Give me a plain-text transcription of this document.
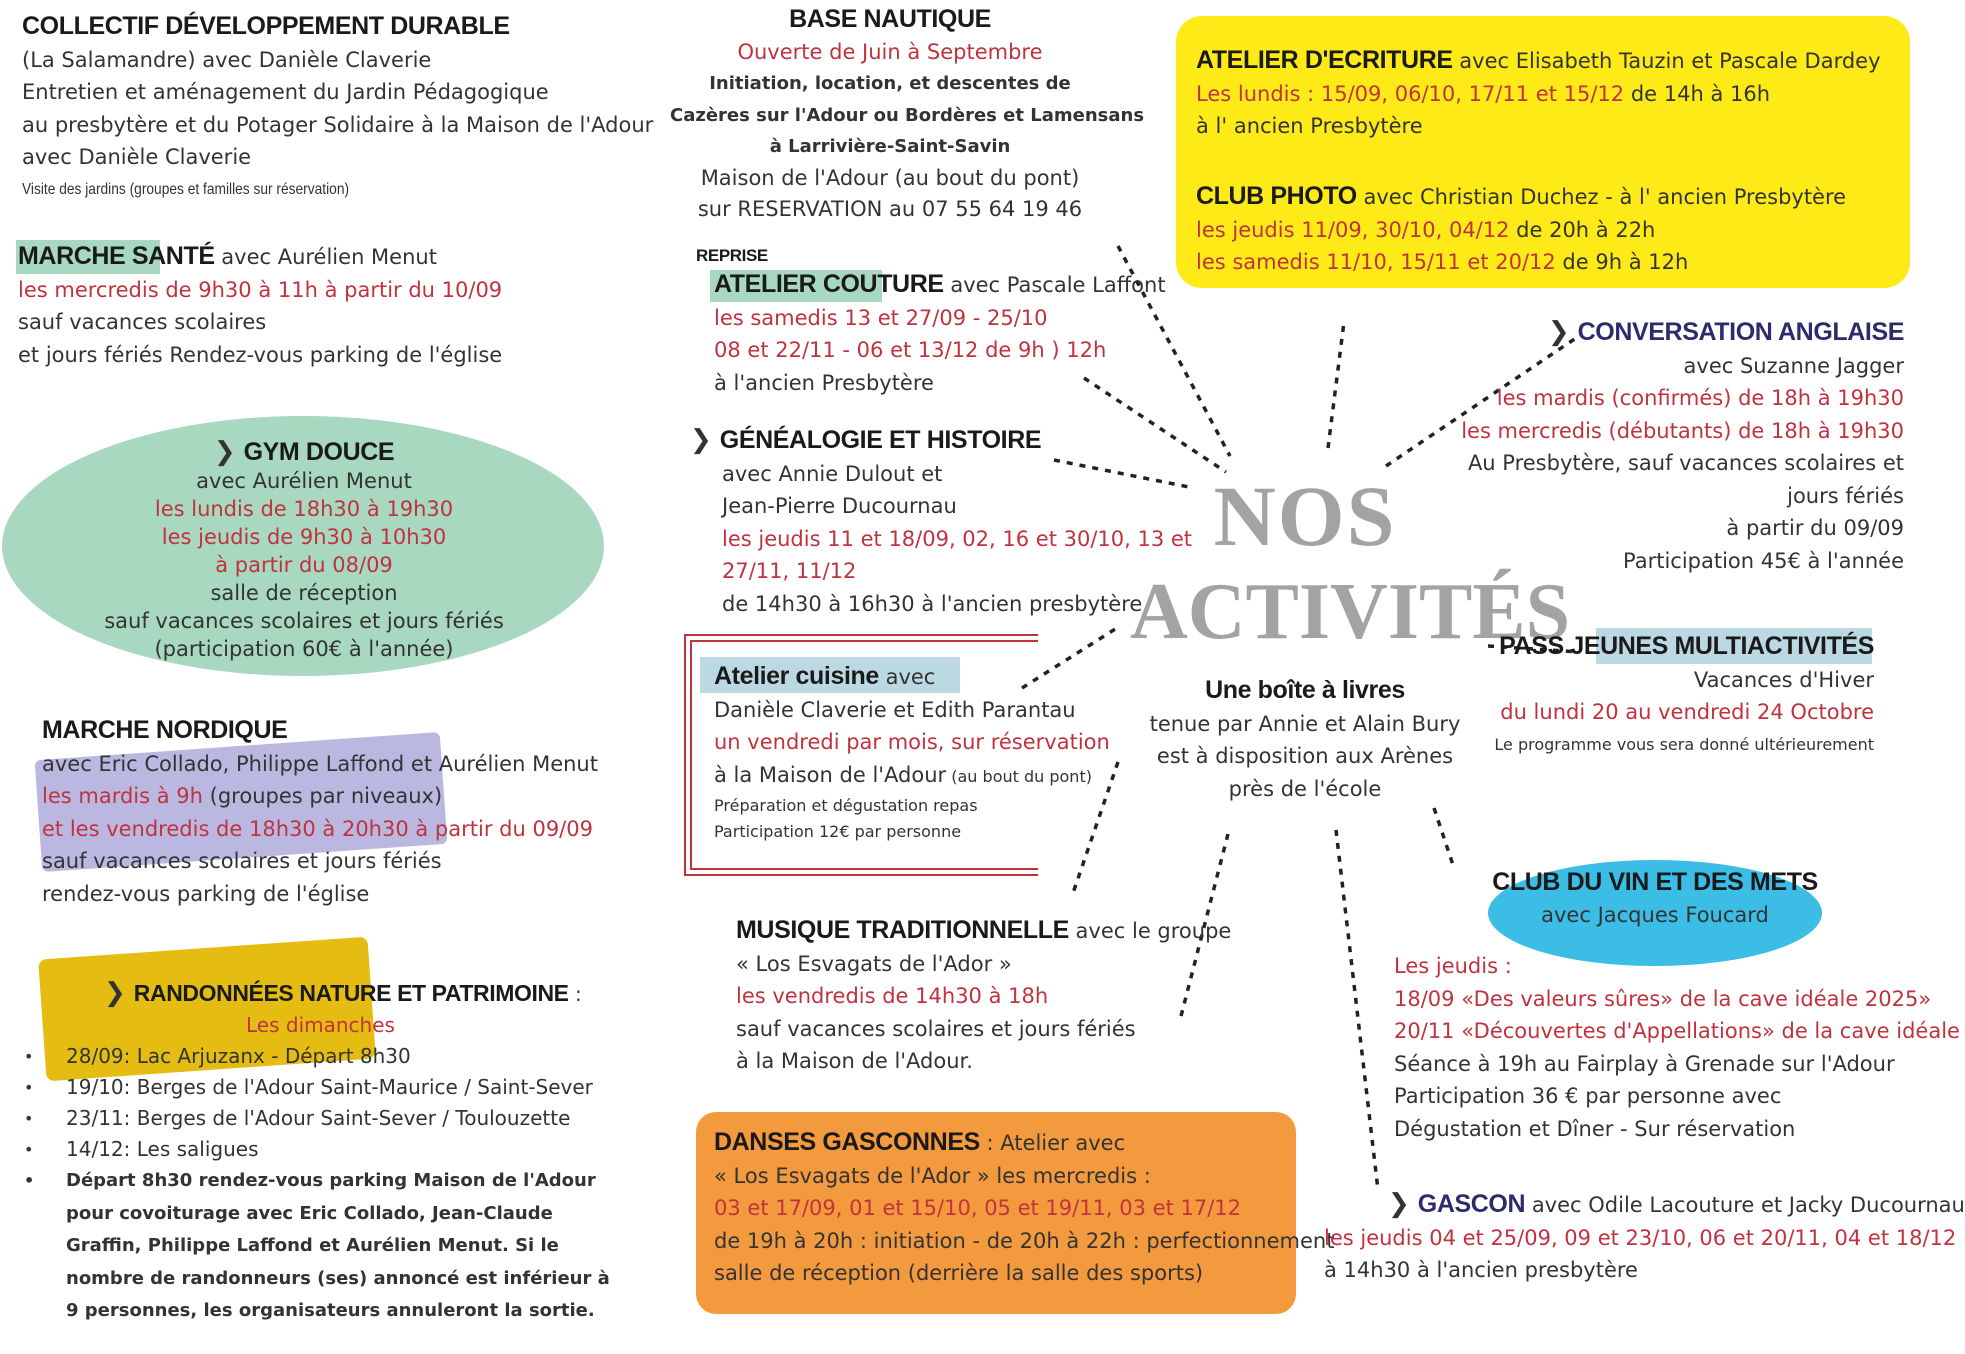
COLLECTIF DÉVELOPPEMENT DURABLE
(La Salamandre) avec Danièle Claverie
Entretien et aménagement du Jardin Pédagogique
au presbytère et du Potager Solidaire à la Maison de l'Adour
avec Danièle Claverie
Visite des jardins (groupes et familles sur réservation)
MARCHE SANTÉ avec Aurélien Menut
les mercredis de 9h30 à 11h à partir du 10/09
sauf vacances scolaires
et jours fériés Rendez-vous parking de l'église
❯ GYM DOUCE
avec Aurélien Menut
les lundis de 18h30 à 19h30
les jeudis de 9h30 à 10h30
à partir du 08/09
salle de réception
sauf vacances scolaires et jours fériés
(participation 60€ à l'année)
MARCHE NORDIQUE
avec Eric Collado, Philippe Laffond et Aurélien Menut
les mardis à 9h (groupes par niveaux)
et les vendredis de 18h30 à 20h30 à partir du 09/09
sauf vacances scolaires et jours fériés
rendez-vous parking de l'église
❯ RANDONNÉES NATURE ET PATRIMOINE :
Les dimanches
• 28/09: Lac Arjuzanx - Départ 8h30
• 19/10: Berges de l'Adour Saint-Maurice / Saint-Sever
• 23/11: Berges de l'Adour Saint-Sever / Toulouzette
• 14/12: Les saligues
• Départ 8h30 rendez-vous parking Maison de l'Adour pour covoiturage avec Eric Collado, Jean-Claude Graffin, Philippe Laffond et Aurélien Menut. Si le nombre de randonneurs (ses) annoncé est inférieur à 9 personnes, les organisateurs annuleront la sortie.
BASE NAUTIQUE
Ouverte de Juin à Septembre
Initiation, location, et descentes de
Cazères sur l'Adour ou Bordères et Lamensans
à Larrivière-Saint-Savin
Maison de l'Adour (au bout du pont)
sur RESERVATION au 07 55 64 19 46
REPRISE
ATELIER COUTURE avec Pascale Laffont
les samedis 13 et 27/09 - 25/10
08 et 22/11 - 06 et 13/12 de 9h ) 12h
à l'ancien Presbytère
❯ GÉNÉALOGIE ET HISTOIRE
avec Annie Dulout et
Jean-Pierre Ducournau
les jeudis 11 et 18/09, 02, 16 et 30/10, 13 et
27/11, 11/12
de 14h30 à 16h30 à l'ancien presbytère
Atelier cuisine avec
Danièle Claverie et Edith Parantau
un vendredi par mois, sur réservation
à la Maison de l'Adour (au bout du pont)
Préparation et dégustation repas
Participation 12€ par personne
MUSIQUE TRADITIONNELLE avec le groupe
« Los Esvagats de l'Ador »
les vendredis de 14h30 à 18h
sauf vacances scolaires et jours fériés
à la Maison de l'Adour.
DANSES GASCONNES : Atelier avec
« Los Esvagats de l'Ador » les mercredis :
03 et 17/09, 01 et 15/10, 05 et 19/11, 03 et 17/12
de 19h à 20h : initiation - de 20h à 22h : perfectionnement
salle de réception (derrière la salle des sports)
NOS
ACTIVITÉS
Une boîte à livres
tenue par Annie et Alain Bury
est à disposition aux Arènes
près de l'école
ATELIER D'ECRITURE avec Elisabeth Tauzin et Pascale Dardey
Les lundis : 15/09, 06/10, 17/11 et 15/12 de 14h à 16h
à l' ancien Presbytère
CLUB PHOTO avec Christian Duchez - à l' ancien Presbytère
les jeudis 11/09, 30/10, 04/12 de 20h à 22h
les samedis 11/10, 15/11 et 20/12 de 9h à 12h
❯ CONVERSATION ANGLAISE
avec Suzanne Jagger
les mardis (confirmés) de 18h à 19h30
les mercredis (débutants) de 18h à 19h30
Au Presbytère, sauf vacances scolaires et
jours fériés
à partir du 09/09
Participation 45€ à l'année
PASS JEUNES MULTIACTIVITÉS
Vacances d'Hiver
du lundi 20 au vendredi 24 Octobre
Le programme vous sera donné ultérieurement
CLUB DU VIN ET DES METS
avec Jacques Foucard
Les jeudis :
18/09 «Des valeurs sûres» de la cave idéale 2025»
20/11 «Découvertes d'Appellations» de la cave idéale
Séance à 19h au Fairplay à Grenade sur l'Adour
Participation 36 € par personne avec
Dégustation et Dîner - Sur réservation
❯ GASCON avec Odile Lacouture et Jacky Ducournau
les jeudis 04 et 25/09, 09 et 23/10, 06 et 20/11, 04 et 18/12
à 14h30 à l'ancien presbytère
